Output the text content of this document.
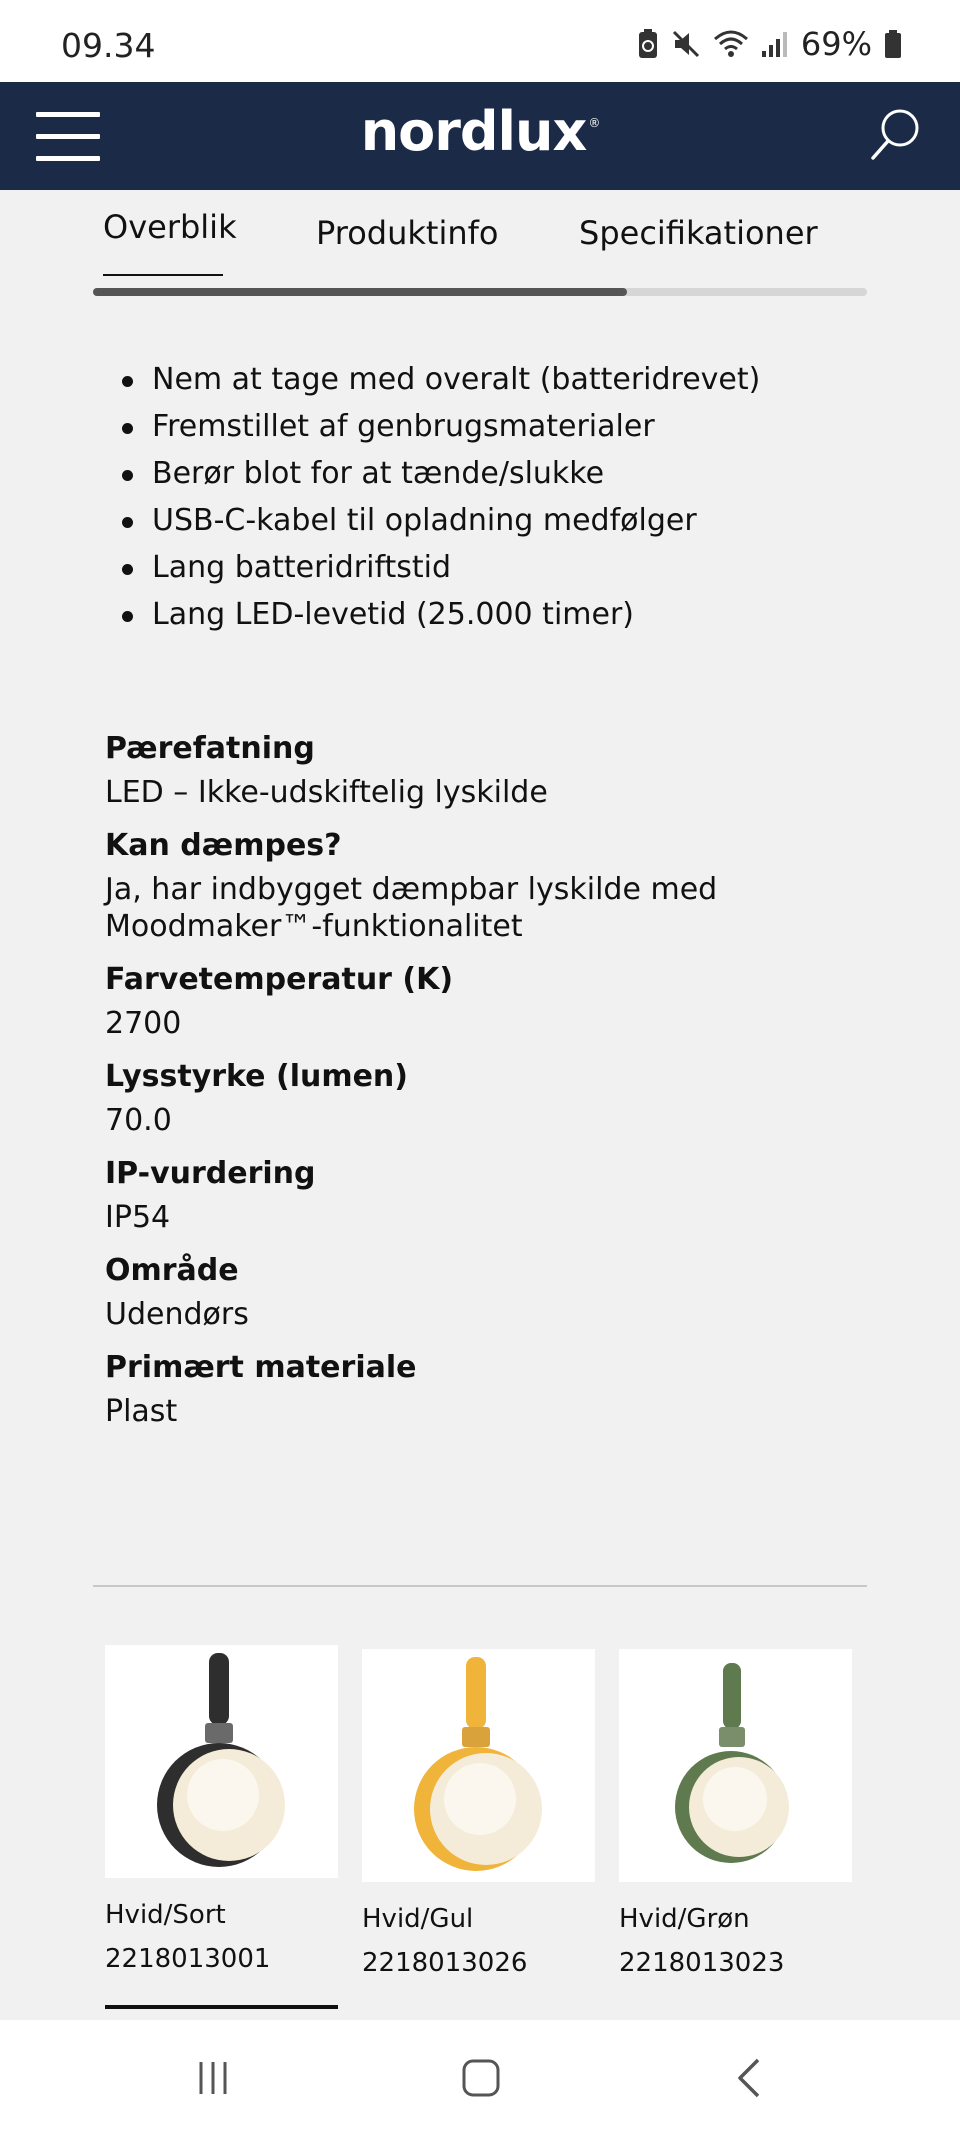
09.34	69%
nordlux ®
Overblik Produktinfo	Specifikationer
Nem at tage med overalt (batteridrevet)
Fremstillet af genbrugsmaterialer
Berør blot for at tænde/slukke
USB-C-kabel til opladning medfølger
Lang batteridriftstid
Lang LED-levetid (25.000 timer)
Pærefatning
LED – Ikke-udskiftelig lyskilde
Kan dæmpes?
Ja, har indbygget dæmpbar lyskilde med
Moodmaker™-funktionalitet
Farvetemperatur (K)
2700
Lysstyrke (lumen)
70.0
IP-vurdering
IP54
Område
Udendørs
Primært materiale
Plast
Hvid/Sort
2218013001
Hvid/Gul
2218013026
Hvid/Grøn
2218013023
